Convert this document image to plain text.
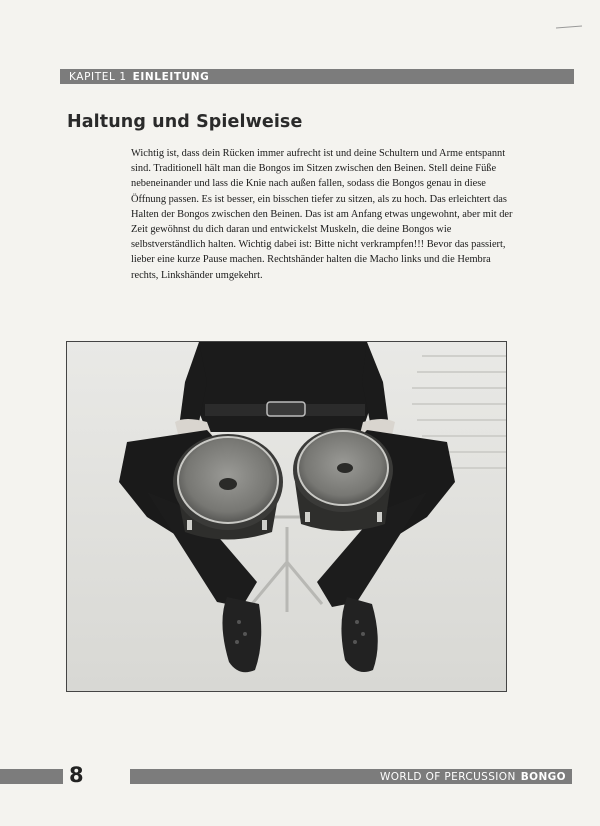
KAPITEL 1 EINLEITUNG
Haltung und Spielweise

Wichtig ist, dass dein Rücken immer aufrecht ist und deine Schultern und Arme entspannt sind. Traditionell hält man die Bongos im Sitzen zwischen den Beinen. Stell deine Füße nebeneinander und lass die Knie nach außen fallen, sodass die Bongos genau in diese Öffnung passen. Es ist besser, ein bisschen tiefer zu sitzen, als zu hoch. Das erleichtert das Halten der Bongos zwischen den Beinen. Das ist am Anfang etwas ungewohnt, aber mit der Zeit gewöhnst du dich daran und entwickelst Muskeln, die deine Bongos wie selbstverständlich halten. Wichtig dabei ist: Bitte nicht verkrampfen!!! Bevor das passiert, lieber eine kurze Pause machen. Rechtshänder halten die Macho links und die Hembra rechts, Linkshänder umgekehrt.

8	WORLD OF PERCUSSION BONGO
